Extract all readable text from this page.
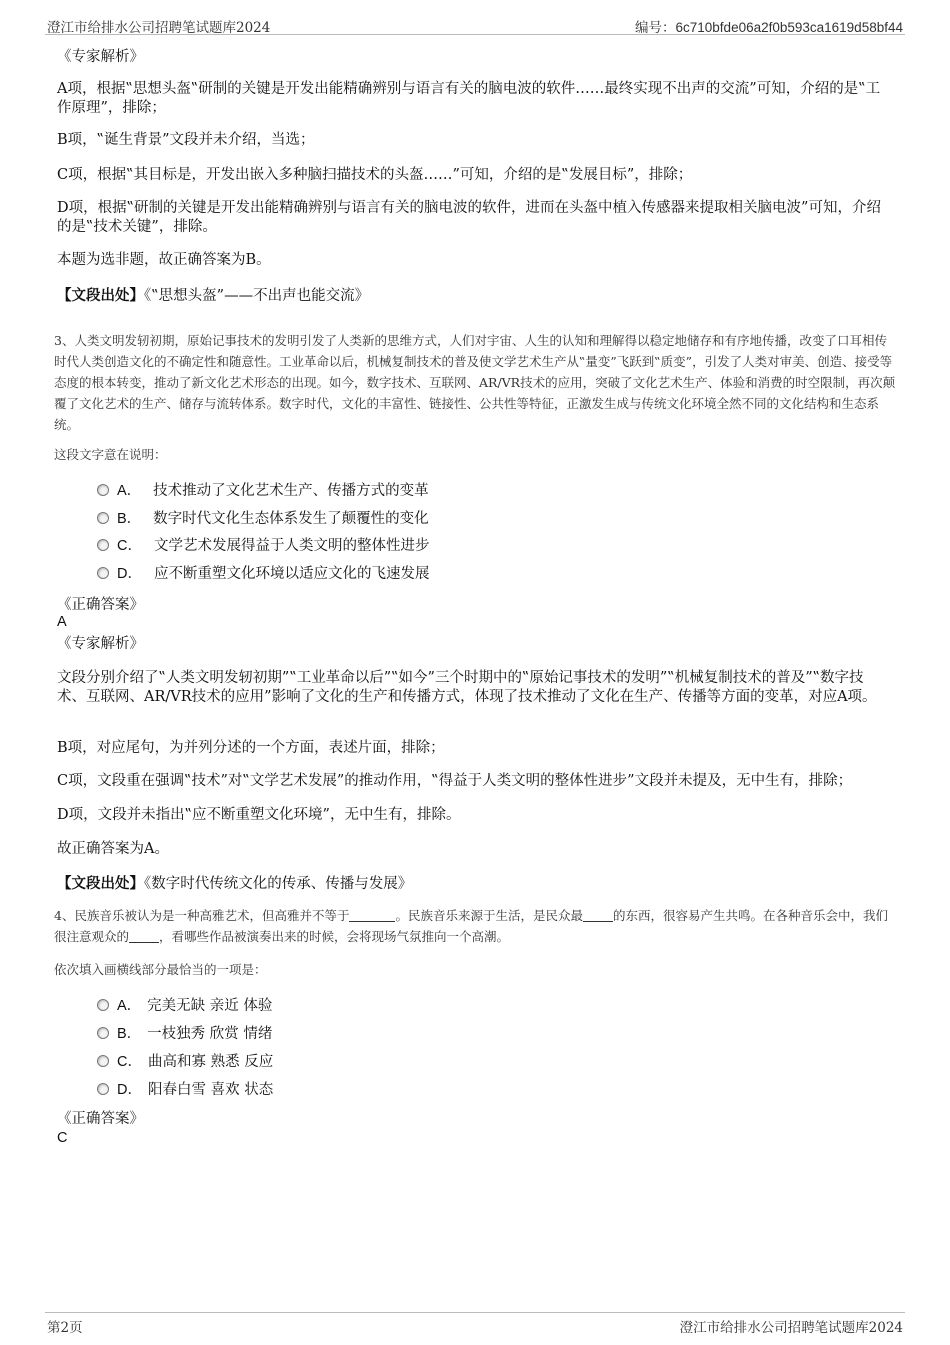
澄江市给排水公司招聘笔试题库2024	编号：6c710bfde06a2f0b593ca1619d58bf44
《专家解析》
A项，根据‟思想头盔‟研制的关键是开发出能精确辨别与语言有关的脑电波的软件……最终实现不出声的交流”可知，介绍的是‟工作原理”，排除；
B项，‟诞生背景”文段并未介绍，当选；
C项，根据‟其目标是，开发出嵌入多种脑扫描技术的头盔……”可知，介绍的是‟发展目标”，排除；
D项，根据‟研制的关键是开发出能精确辨别与语言有关的脑电波的软件，进而在头盔中植入传感器来提取相关脑电波”可知，介绍的是‟技术关键”，排除。
本题为选非题，故正确答案为B。
【文段出处】《‟思想头盔”——不出声也能交流》
3、人类文明发轫初期，原始记事技术的发明引发了人类新的思维方式，人们对宇宙、人生的认知和理解得以稳定地储存和有序地传播，改变了口耳相传时代人类创造文化的不确定性和随意性。工业革命以后，机械复制技术的普及使文学艺术生产从‟量变”飞跃到‟质变”，引发了人类对审美、创造、接受等态度的根本转变，推动了新文化艺术形态的出现。如今，数字技术、互联网、AR/VR技术的应用，突破了文化艺术生产、体验和消费的时空限制，再次颠覆了文化艺术的生产、储存与流转体系。数字时代，文化的丰富性、链接性、公共性等特征，正激发生成与传统文化环境全然不同的文化结构和生态系统。
这段文字意在说明：
A． 技术推动了文化艺术生产、传播方式的变革
B． 数字时代文化生态体系发生了颠覆性的变化
C． 文学艺术发展得益于人类文明的整体性进步
D． 应不断重塑文化环境以适应文化的飞速发展
《正确答案》
A
《专家解析》
文段分别介绍了‟人类文明发轫初期”‟工业革命以后”‟如今”三个时期中的‟原始记事技术的发明”‟机械复制技术的普及”‟数字技术、互联网、AR/VR技术的应用”影响了文化的生产和传播方式，体现了技术推动了文化在生产、传播等方面的变革，对应A项。
B项，对应尾句，为并列分述的一个方面，表述片面，排除；
C项，文段重在强调‟技术”对‟文学艺术发展”的推动作用，‟得益于人类文明的整体性进步”文段并未提及，无中生有，排除；
D项，文段并未指出‟应不断重塑文化环境”，无中生有，排除。
故正确答案为A。
【文段出处】《数字时代传统文化的传承、传播与发展》
4、民族音乐被认为是一种高雅艺术，但高雅并不等于	。民族音乐来源于生活，是民众最 的东西，很容易产生共鸣。在各种音乐会中，我们很注意观众的 ，看哪些作品被演奏出来的时候，会将现场气氛推向一个高潮。
依次填入画横线部分最恰当的一项是：
A． 完美无缺 亲近 体验
B． 一枝独秀 欣赏 情绪
C． 曲高和寡 熟悉 反应
D． 阳春白雪 喜欢 状态
《正确答案》
C
第2页	澄江市给排水公司招聘笔试题库2024
